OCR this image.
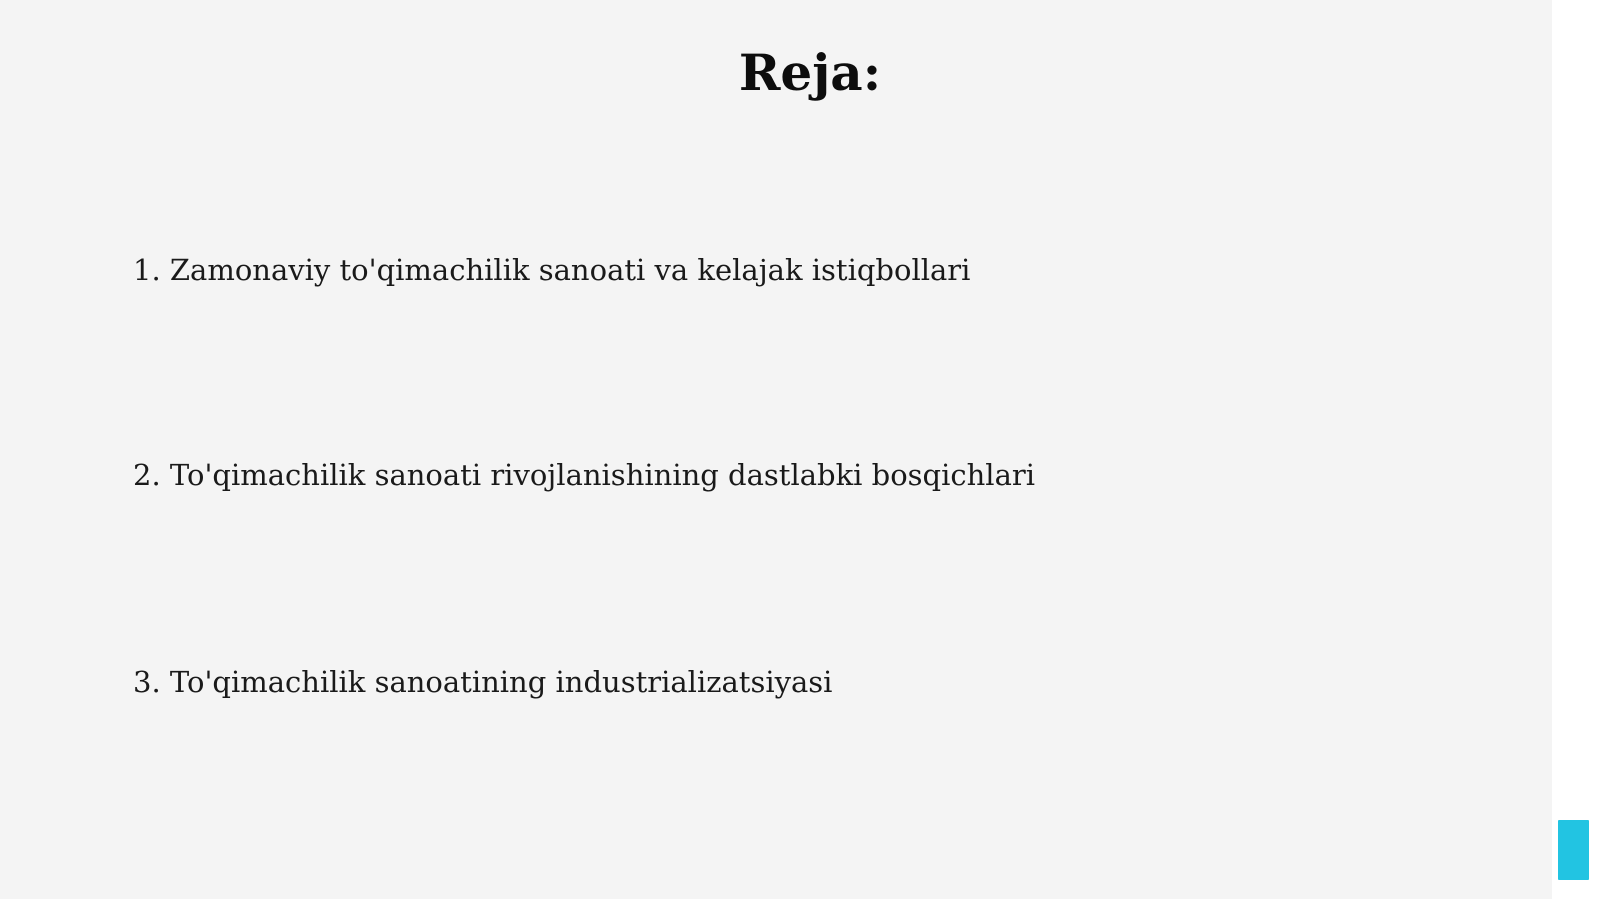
Reja:
1. Zamonaviy to'qimachilik sanoati va kelajak istiqbollari
2. To'qimachilik sanoati rivojlanishining dastlabki bosqichlari
3. To'qimachilik sanoatining industrializatsiyasi
